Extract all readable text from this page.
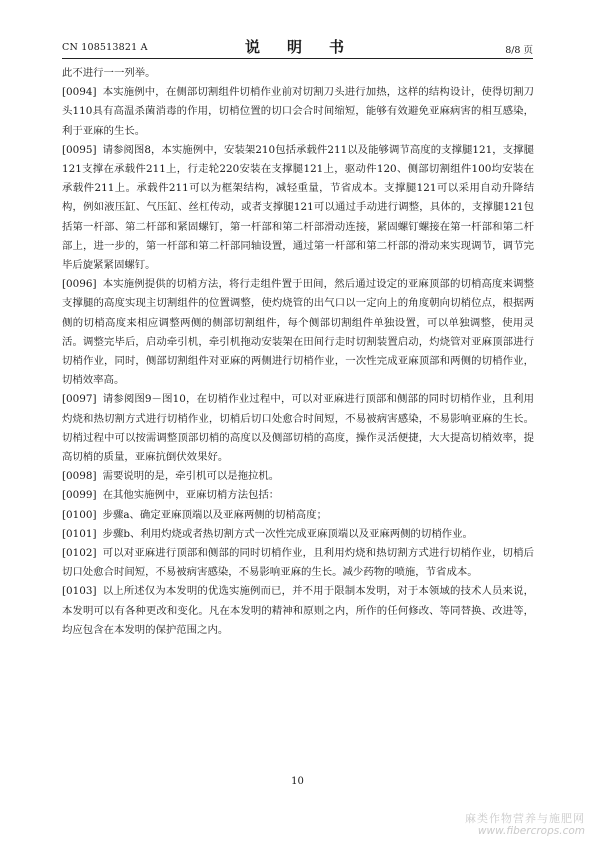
CN 108513821 A	说　明　书	8/8 页

此不进行一一列举。

[0094] 本实施例中，在侧部切割组件切梢作业前对切割刀头进行加热，这样的结构设计，使得切割刀头110具有高温杀菌消毒的作用，切梢位置的切口会合时间缩短，能够有效避免亚麻病害的相互感染，利于亚麻的生长。

[0095] 请参阅图8，本实施例中，安装架210包括承载件211以及能够调节高度的支撑腿121，支撑腿121支撑在承载件211上，行走轮220安装在支撑腿121上，驱动件120、侧部切割组件100均安装在承载件211上。承载件211可以为框架结构，减轻重量，节省成本。支撑腿121可以采用自动升降结构，例如液压缸、气压缸、丝杠传动，或者支撑腿121可以通过手动进行调整，具体的，支撑腿121包括第一杆部、第二杆部和紧固螺钉，第一杆部和第二杆部滑动连接，紧固螺钉螺接在第一杆部和第二杆部上，进一步的，第一杆部和第二杆部同轴设置，通过第一杆部和第二杆部的滑动来实现调节，调节完毕后旋紧紧固螺钉。

[0096] 本实施例提供的切梢方法，将行走组件置于田间，然后通过设定的亚麻顶部的切梢高度来调整支撑腿的高度实现主切割组件的位置调整，使灼烧管的出气口以一定向上的角度朝向切梢位点，根据两侧的切梢高度来相应调整两侧的侧部切割组件，每个侧部切割组件单独设置，可以单独调整，使用灵活。调整完毕后，启动牵引机，牵引机拖动安装架在田间行走时切割装置启动，灼烧管对亚麻顶部进行切梢作业，同时，侧部切割组件对亚麻的两侧进行切梢作业，一次性完成亚麻顶部和两侧的切梢作业，切梢效率高。

[0097] 请参阅图9－图10，在切梢作业过程中，可以对亚麻进行顶部和侧部的同时切梢作业，且利用灼烧和热切割方式进行切梢作业，切梢后切口处愈合时间短，不易被病害感染，不易影响亚麻的生长。切梢过程中可以按需调整顶部切梢的高度以及侧部切梢的高度，操作灵活便捷，大大提高切梢效率，提高切梢的质量，亚麻抗倒伏效果好。

[0098] 需要说明的是，牵引机可以是拖拉机。

[0099] 在其他实施例中，亚麻切梢方法包括：

[0100] 步骤a、确定亚麻顶端以及亚麻两侧的切梢高度；

[0101] 步骤b、利用灼烧或者热切割方式一次性完成亚麻顶端以及亚麻两侧的切梢作业。

[0102] 可以对亚麻进行顶部和侧部的同时切梢作业，且利用灼烧和热切割方式进行切梢作业，切梢后切口处愈合时间短，不易被病害感染，不易影响亚麻的生长。减少药物的喷施，节省成本。

[0103] 以上所述仅为本发明的优选实施例而已，并不用于限制本发明，对于本领域的技术人员来说，本发明可以有各种更改和变化。凡在本发明的精神和原则之内，所作的任何修改、等同替换、改进等，均应包含在本发明的保护范围之内。

10
麻类作物营养与施肥网
www.fibercrops.com
